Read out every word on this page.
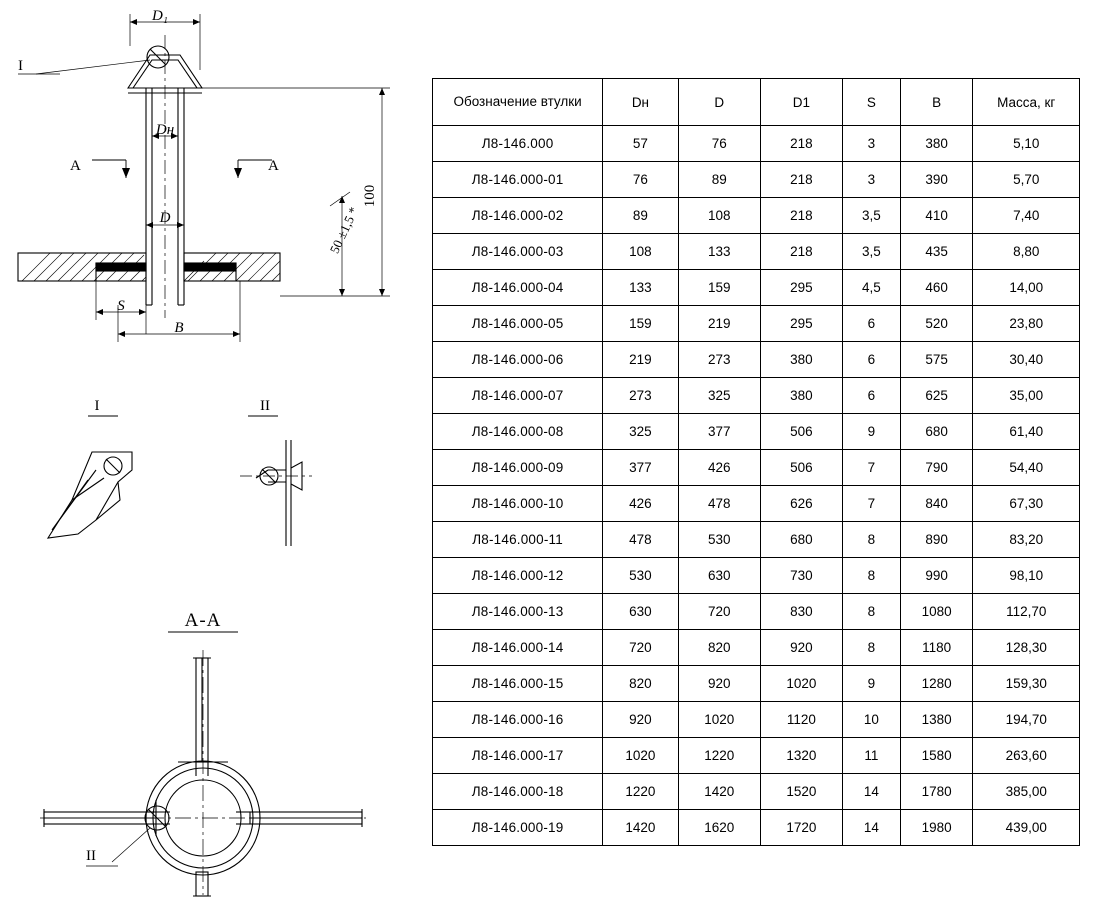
I
D₁
Dн
D
S
B
100
50 ±1,5 *
A	A
I	II
II
А-А
Обозначение втулки	Dн	D	D1	S	B	Масса, кг
Л8-146.000	57	76	218	3	380	5,10
Л8-146.000-01	76	89	218	3	390	5,70
Л8-146.000-02	89	108	218	3,5	410	7,40
Л8-146.000-03	108	133	218	3,5	435	8,80
Л8-146.000-04	133	159	295	4,5	460	14,00
Л8-146.000-05	159	219	295	6	520	23,80
Л8-146.000-06	219	273	380	6	575	30,40
Л8-146.000-07	273	325	380	6	625	35,00
Л8-146.000-08	325	377	506	9	680	61,40
Л8-146.000-09	377	426	506	7	790	54,40
Л8-146.000-10	426	478	626	7	840	67,30
Л8-146.000-11	478	530	680	8	890	83,20
Л8-146.000-12	530	630	730	8	990	98,10
Л8-146.000-13	630	720	830	8	1080	112,70
Л8-146.000-14	720	820	920	8	1180	128,30
Л8-146.000-15	820	920	1020	9	1280	159,30
Л8-146.000-16	920	1020	1120	10	1380	194,70
Л8-146.000-17	1020	1220	1320	11	1580	263,60
Л8-146.000-18	1220	1420	1520	14	1780	385,00
Л8-146.000-19	1420	1620	1720	14	1980	439,00
